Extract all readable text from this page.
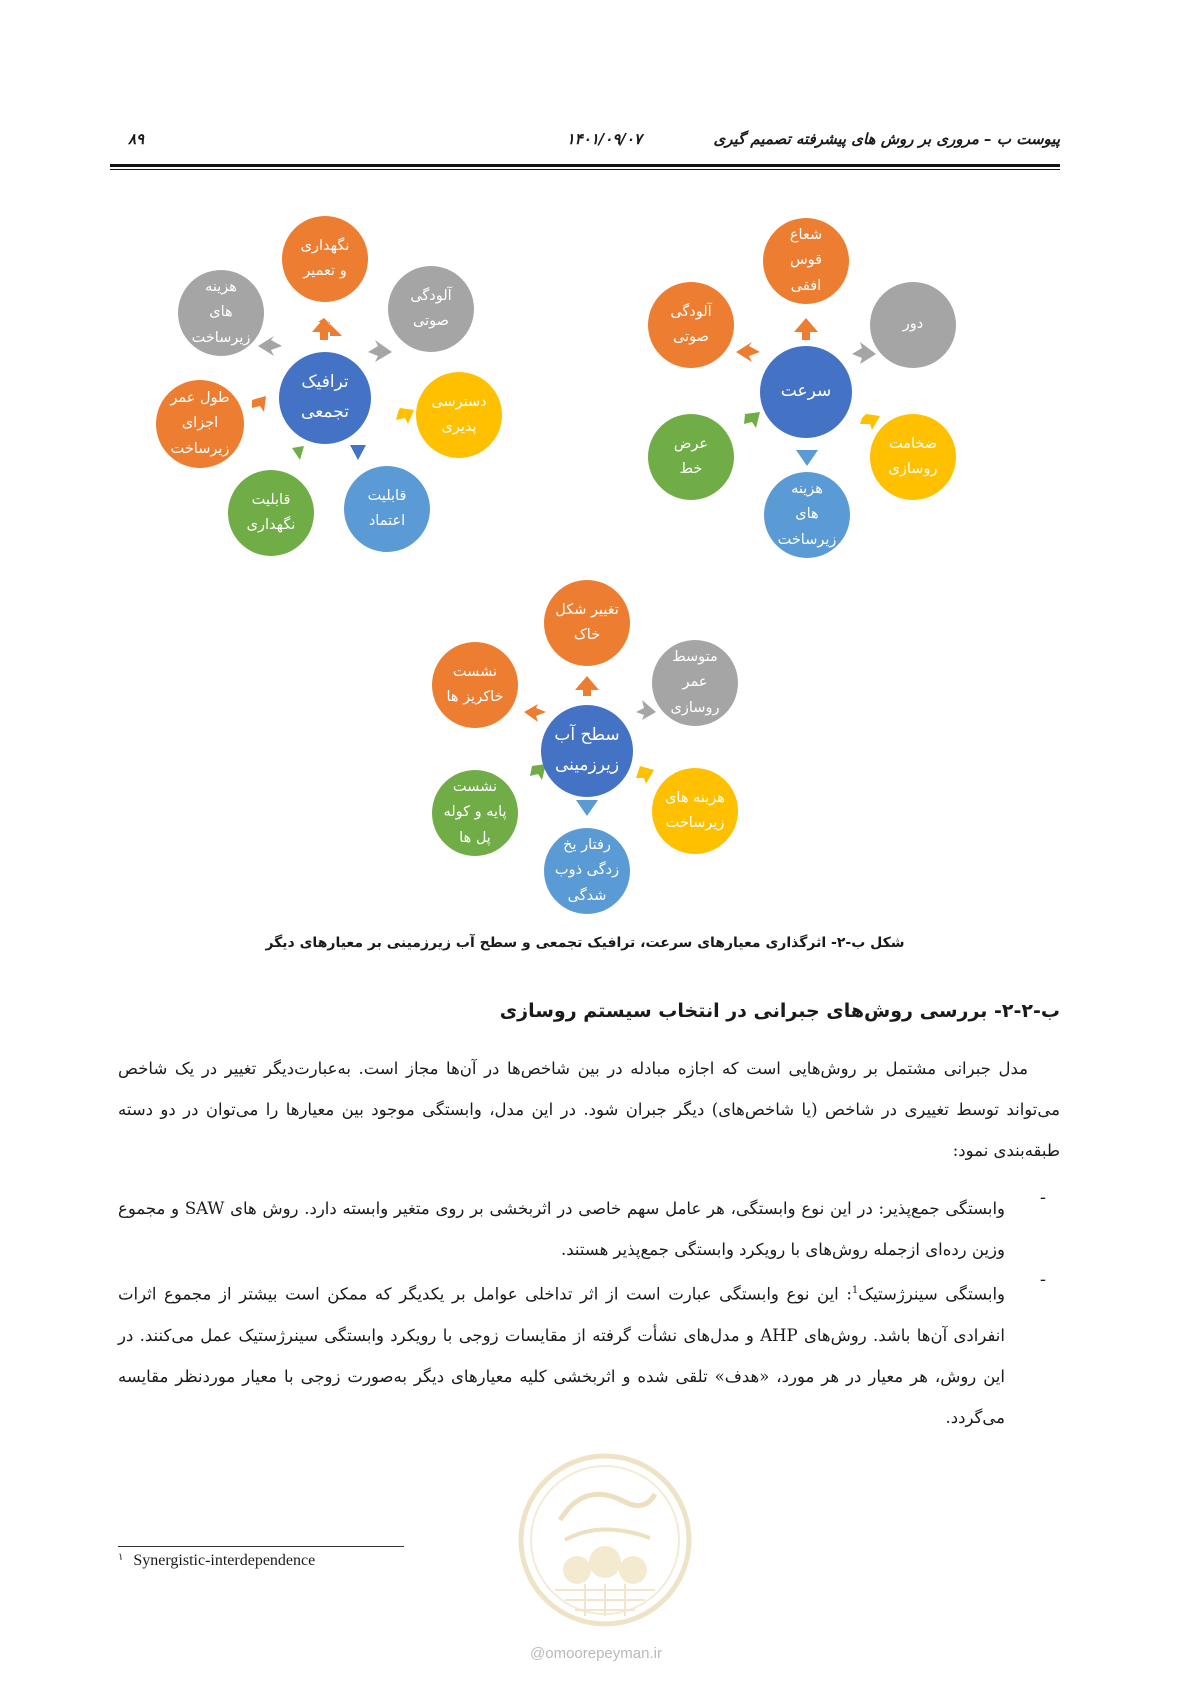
پیوست ب – مروری بر روش های پیشرفته تصمیم گیری
۱۴۰۱/۰۹/۰۷
۸۹
ترافیک
تجمعی
نگهداری
و تعمیر
آلودگی
صوتی
دسترسی
پذیری
قابلیت
اعتماد
قابلیت
نگهداری
طول عمر
اجزای
زیرساخت
هزینه
های
زیرساخت
سرعت
شعاع
قوس
افقی
دور
ضخامت
روسازی
هزینه
های
زیرساخت
عرض
خط
آلودگی
صوتی
سطح آب
زیرزمینی
تغییر شکل
خاک
متوسط
عمر
روسازی
هزینه های
زیرساخت
رفتار یخ
زدگی ذوب
شدگی
نشست
پایه و کوله
پل ها
نشست
خاکریز ها
شکل ب-۲- اثرگذاری معیارهای سرعت، ترافیک تجمعی و سطح آب زیرزمینی بر معیارهای دیگر
ب-۲-۲- بررسی روش‌های جبرانی در انتخاب سیستم روسازی
مدل جبرانی مشتمل بر روش‌هایی است که اجازه مبادله در بین شاخص‌ها در آن‌ها مجاز است. به‌عبارت‌دیگر تغییر در یک شاخص می‌تواند توسط تغییری در شاخص (یا شاخص‌های) دیگر جبران شود. در این مدل، وابستگی موجود بین معیارها را می‌توان در دو دسته طبقه‌بندی نمود:
-
وابستگی جمع‌پذیر: در این نوع وابستگی، هر عامل سهم خاصی در اثربخشی بر روی متغیر وابسته دارد. روش های SAW و مجموع وزین رده‌ای ازجمله روش‌های با رویکرد وابستگی جمع‌پذیر هستند.
-
وابستگی سینرژستیک$^1$: این نوع وابستگی عبارت است از اثر تداخلی عوامل بر یکدیگر که ممکن است بیشتر از مجموع اثرات انفرادی آن‌ها باشد. روش‌های AHP و مدل‌های نشأت گرفته از مقایسات زوجی با رویکرد وابستگی سینرژستیک عمل می‌کنند. در این روش، هر معیار در هر مورد، «هدف» تلقی شده و اثربخشی کلیه معیارهای دیگر به‌صورت زوجی با معیار موردنظر مقایسه می‌گردد.
$^۱$ Synergistic-interdependence
@omoorepeyman.ir
